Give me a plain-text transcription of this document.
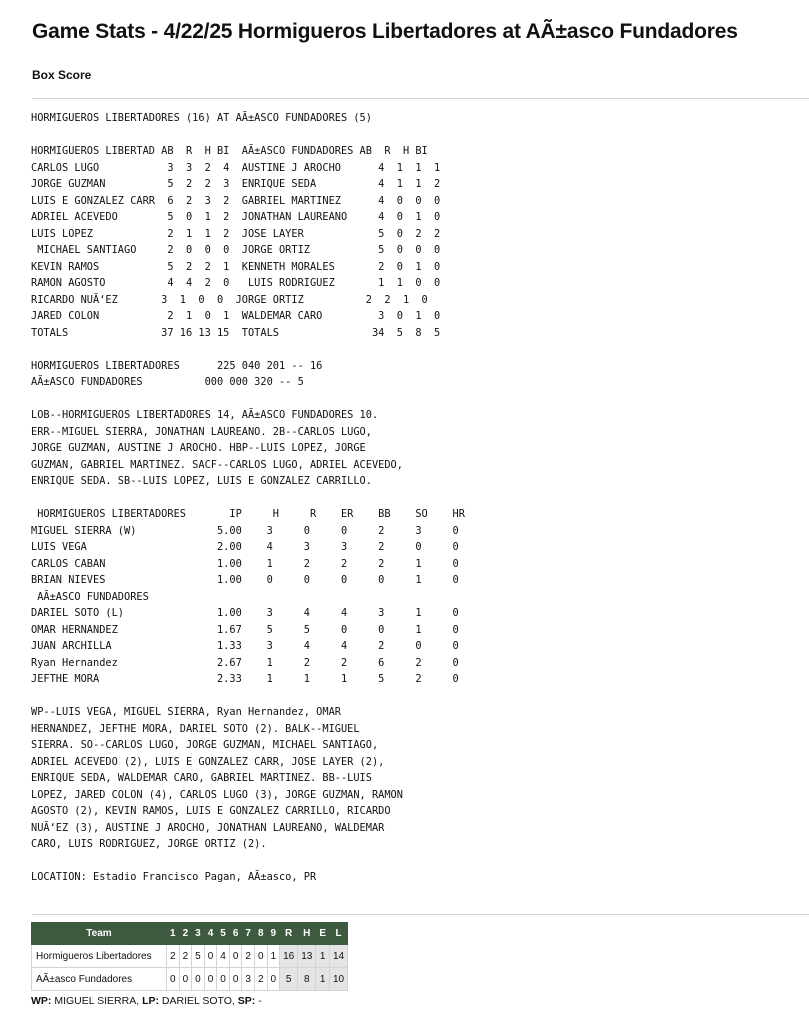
Game Stats - 4/22/25 Hormigueros Libertadores at AÃ±asco Fundadores
Box Score
HORMIGUEROS LIBERTADORES (16) AT AÃ±ASCO FUNDADORES (5)

HORMIGUEROS LIBERTAD AB  R  H BI  AÃ±ASCO FUNDADORES AB  R  H BI
CARLOS LUGO           3  3  2  4  AUSTINE J AROCHO      4  1  1  1
JORGE GUZMAN          5  2  2  3  ENRIQUE SEDA          4  1  1  2
LUIS E GONZALEZ CARR  6  2  3  2  GABRIEL MARTINEZ      4  0  0  0
ADRIEL ACEVEDO        5  0  1  2  JONATHAN LAUREANO     4  0  1  0
LUIS LOPEZ            2  1  1  2  JOSE LAYER            5  0  2  2
MICHAEL SANTIAGO     2  0  0  0  JORGE ORTIZ           5  0  0  0
KEVIN RAMOS           5  2  2  1  KENNETH MORALES       2  0  1  0
RAMON AGOSTO          4  4  2  0   LUIS RODRIGUEZ       1  1  0  0
RICARDO NUÃ‘EZ       3  1  0  0  JORGE ORTIZ          2  2  1  0
JARED COLON           2  1  0  1  WALDEMAR CARO         3  0  1  0
TOTALS               37 16 13 15  TOTALS               34  5  8  5

HORMIGUEROS LIBERTADORES      225 040 201 -- 16
AÃ±ASCO FUNDADORES          000 000 320 -- 5

LOB--HORMIGUEROS LIBERTADORES 14, AÃ±ASCO FUNDADORES 10.
ERR--MIGUEL SIERRA, JONATHAN LAUREANO. 2B--CARLOS LUGO,
JORGE GUZMAN, AUSTINE J AROCHO. HBP--LUIS LOPEZ, JORGE
GUZMAN, GABRIEL MARTINEZ. SACF--CARLOS LUGO, ADRIEL ACEVEDO,
ENRIQUE SEDA. SB--LUIS LOPEZ, LUIS E GONZALEZ CARRILLO.

HORMIGUEROS LIBERTADORES       IP     H     R    ER    BB    SO    HR
MIGUEL SIERRA (W)             5.00    3     0     0     2     3     0
LUIS VEGA                     2.00    4     3     3     2     0     0
CARLOS CABAN                  1.00    1     2     2     2     1     0
BRIAN NIEVES                  1.00    0     0     0     0     1     0
AÃ±ASCO FUNDADORES
DARIEL SOTO (L)               1.00    3     4     4     3     1     0
OMAR HERNANDEZ                1.67    5     5     0     0     1     0
JUAN ARCHILLA                 1.33    3     4     4     2     0     0
Ryan Hernandez                2.67    1     2     2     6     2     0
JEFTHE MORA                   2.33    1     1     1     5     2     0

WP--LUIS VEGA, MIGUEL SIERRA, Ryan Hernandez, OMAR
HERNANDEZ, JEFTHE MORA, DARIEL SOTO (2). BALK--MIGUEL
SIERRA. SO--CARLOS LUGO, JORGE GUZMAN, MICHAEL SANTIAGO,
ADRIEL ACEVEDO (2), LUIS E GONZALEZ CARR, JOSE LAYER (2),
ENRIQUE SEDA, WALDEMAR CARO, GABRIEL MARTINEZ. BB--LUIS
LOPEZ, JARED COLON (4), CARLOS LUGO (3), JORGE GUZMAN, RAMON
AGOSTO (2), KEVIN RAMOS, LUIS E GONZALEZ CARRILLO, RICARDO
NUÃ‘EZ (3), AUSTINE J AROCHO, JONATHAN LAUREANO, WALDEMAR
CARO, LUIS RODRIGUEZ, JORGE ORTIZ (2).

LOCATION: Estadio Francisco Pagan, AÃ±asco, PR
Team	1	2	3	4	5	6	7	8	9	R	H	E	L
Hormigueros Libertadores	2	2	5	0	4	0	2	0	1	16	13	1	14
AÃ±asco Fundadores	0	0	0	0	0	0	3	2	0	5	8	1	10
WP: MIGUEL SIERRA, LP: DARIEL SOTO, SP: -
